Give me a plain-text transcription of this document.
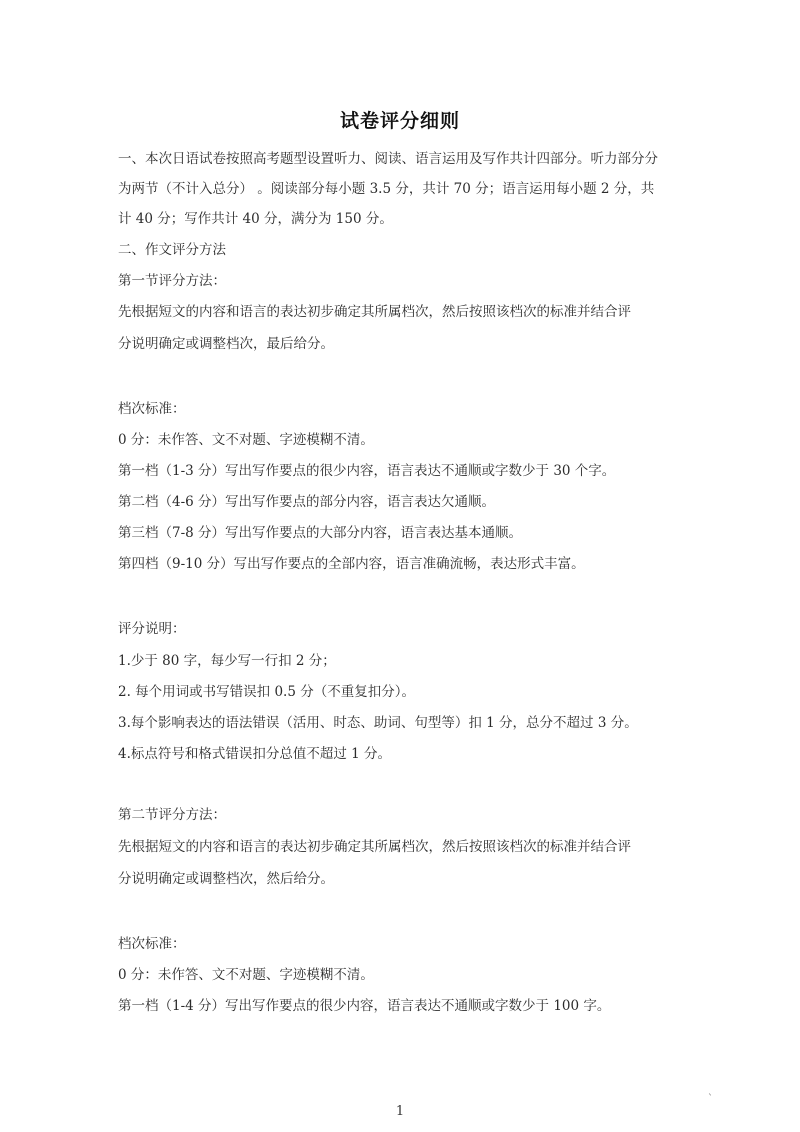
试卷评分细则
一、本次日语试卷按照高考题型设置听力、阅读、语言运用及写作共计四部分。听力部分分
为两节（不计入总分） 。阅读部分每小题 3.5 分，共计 70 分；语言运用每小题 2 分，共
计 40 分；写作共计 40 分，满分为 150 分。
二、作文评分方法
第一节评分方法：
先根据短文的内容和语言的表达初步确定其所属档次，然后按照该档次的标准并结合评
分说明确定或调整档次，最后给分。
档次标准：
0 分：未作答、文不对题、字迹模糊不清。
第一档（1-3 分）写出写作要点的很少内容，语言表达不通顺或字数少于 30 个字。
第二档（4-6 分）写出写作要点的部分内容，语言表达欠通顺。
第三档（7-8 分）写出写作要点的大部分内容，语言表达基本通顺。
第四档（9-10 分）写出写作要点的全部内容，语言准确流畅，表达形式丰富。
评分说明：
1.少于 80 字，每少写一行扣 2 分；
2. 每个用词或书写错误扣 0.5 分（不重复扣分）。
3.每个影响表达的语法错误（活用、时态、助词、句型等）扣 1 分，总分不超过 3 分。
4.标点符号和格式错误扣分总值不超过 1 分。
第二节评分方法：
先根据短文的内容和语言的表达初步确定其所属档次，然后按照该档次的标准并结合评
分说明确定或调整档次，然后给分。
档次标准：
0 分：未作答、文不对题、字迹模糊不清。
第一档（1-4 分）写出写作要点的很少内容，语言表达不通顺或字数少于 100 字。
`
1
